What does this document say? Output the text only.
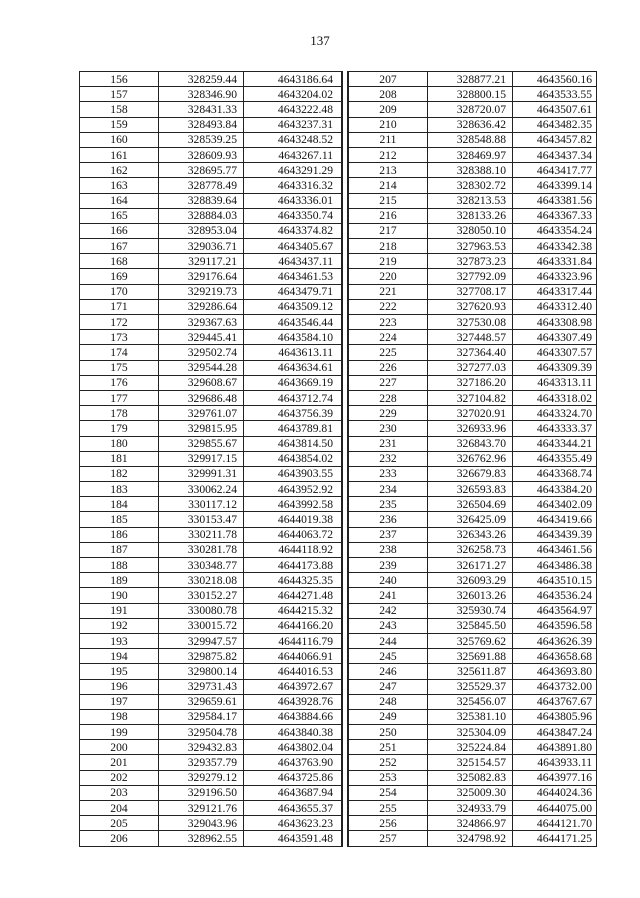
137
156	328259.44	4643186.64
157	328346.90	4643204.02
158	328431.33	4643222.48
159	328493.84	4643237.31
160	328539.25	4643248.52
161	328609.93	4643267.11
162	328695.77	4643291.29
163	328778.49	4643316.32
164	328839.64	4643336.01
165	328884.03	4643350.74
166	328953.04	4643374.82
167	329036.71	4643405.67
168	329117.21	4643437.11
169	329176.64	4643461.53
170	329219.73	4643479.71
171	329286.64	4643509.12
172	329367.63	4643546.44
173	329445.41	4643584.10
174	329502.74	4643613.11
175	329544.28	4643634.61
176	329608.67	4643669.19
177	329686.48	4643712.74
178	329761.07	4643756.39
179	329815.95	4643789.81
180	329855.67	4643814.50
181	329917.15	4643854.02
182	329991.31	4643903.55
183	330062.24	4643952.92
184	330117.12	4643992.58
185	330153.47	4644019.38
186	330211.78	4644063.72
187	330281.78	4644118.92
188	330348.77	4644173.88
189	330218.08	4644325.35
190	330152.27	4644271.48
191	330080.78	4644215.32
192	330015.72	4644166.20
193	329947.57	4644116.79
194	329875.82	4644066.91
195	329800.14	4644016.53
196	329731.43	4643972.67
197	329659.61	4643928.76
198	329584.17	4643884.66
199	329504.78	4643840.38
200	329432.83	4643802.04
201	329357.79	4643763.90
202	329279.12	4643725.86
203	329196.50	4643687.94
204	329121.76	4643655.37
205	329043.96	4643623.23
206	328962.55	4643591.48
207	328877.21	4643560.16
208	328800.15	4643533.55
209	328720.07	4643507.61
210	328636.42	4643482.35
211	328548.88	4643457.82
212	328469.97	4643437.34
213	328388.10	4643417.77
214	328302.72	4643399.14
215	328213.53	4643381.56
216	328133.26	4643367.33
217	328050.10	4643354.24
218	327963.53	4643342.38
219	327873.23	4643331.84
220	327792.09	4643323.96
221	327708.17	4643317.44
222	327620.93	4643312.40
223	327530.08	4643308.98
224	327448.57	4643307.49
225	327364.40	4643307.57
226	327277.03	4643309.39
227	327186.20	4643313.11
228	327104.82	4643318.02
229	327020.91	4643324.70
230	326933.96	4643333.37
231	326843.70	4643344.21
232	326762.96	4643355.49
233	326679.83	4643368.74
234	326593.83	4643384.20
235	326504.69	4643402.09
236	326425.09	4643419.66
237	326343.26	4643439.39
238	326258.73	4643461.56
239	326171.27	4643486.38
240	326093.29	4643510.15
241	326013.26	4643536.24
242	325930.74	4643564.97
243	325845.50	4643596.58
244	325769.62	4643626.39
245	325691.88	4643658.68
246	325611.87	4643693.80
247	325529.37	4643732.00
248	325456.07	4643767.67
249	325381.10	4643805.96
250	325304.09	4643847.24
251	325224.84	4643891.80
252	325154.57	4643933.11
253	325082.83	4643977.16
254	325009.30	4644024.36
255	324933.79	4644075.00
256	324866.97	4644121.70
257	324798.92	4644171.25
